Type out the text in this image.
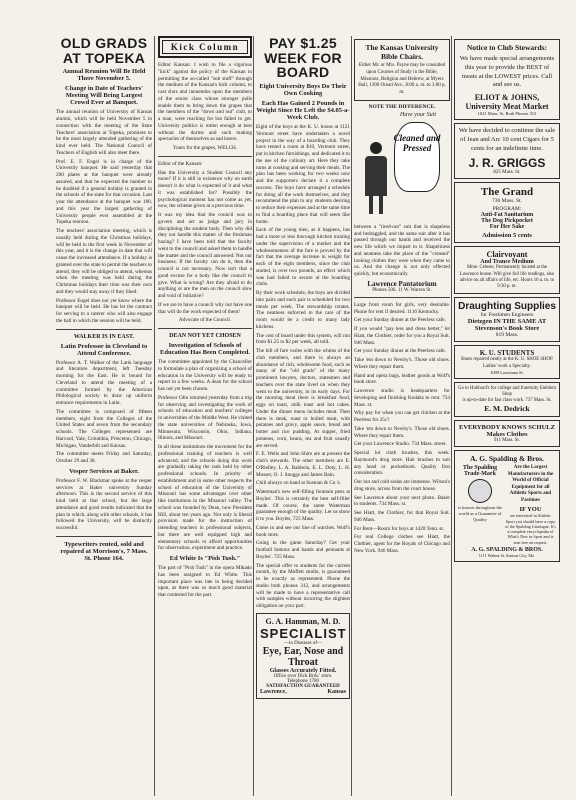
OLD GRADS AT TOPEKA
Annual Reunion Will Be Held There November 5.
Change in Date of Teachers' Meeting Will Bring Largest Crowd Ever at Banquet.

The annual reunion of University of Kansas alumni, which will be held November 5 in connection with the meeting of the State Teachers' association at Topeka, promises to be the most largely attended gathering of the kind ever held. The National Council of Teachers of English will also meet there.

Prof. E. F. Engel is in charge of the University banquet. He said yesterday that 200 plates at the banquet were already assured, and that he expected the number to be doubled if a general holiday is granted in the schools of the state for that occasion. Last year the attendance at the banquet was 180, and this year the largest gathering of University people ever assembled at the Topeka reunion.

The teachers' association meeting, which is usually held during the Christmas holidays, will be held in the first week in November of this year, and it is the change in date that will cause the increased attendance. If a holiday is granted over the state to permit the teachers to attend, they will be obliged to attend, whereas when the meeting was held during the Christmas holidays their time was their own and they would stay away if they liked.

Professor Engel does not yet know where the banquet will be held. He has let the contract for serving to a caterer who will also engage the hall in which the session will be held.

WALKER IS IN EAST.
Latin Professor in Cleveland to Attend Conference.

Professor A. T. Walker of the Latin language and literature department, left Tuesday morning for the East. He is bound for Cleveland to attend the meeting of a committee formed by the American Philological society to draw up uniform entrance requirements in Latin.

The committee is composed of fifteen members, eight from the Colleges of the United States and seven from the secondary schools. The Colleges represented are Harvard, Yale, Columbia, Princeton, Chicago, Michigan, Vanderbilt and Kansas.

The committee meets Friday and Saturday, October 29 and 30.

Vesper Services at Baker.

Professor F. W. Blackmar spoke at the vesper services at Baker university Sunday afternoon. This is the second service of this kind held at that school, but the large attendance and good results indicated that the plan in which, along with other schools, it has followed the University, will be distinctly successful.

Typewriters rented, sold and repaired at Morrison's, 7 Mass. St. Phone 164.
Kick Column

Editor Kansan: I wish to file a vigorous "kick" against the policy of the Kansan in permitting the so-called "sob stuff" through the medium of the Kansan's kick column, to cast slurs and innuendos upon the members of the senior class whose stronger pulls enable them to bring down the grapes that the members of the "down and out" club, to a man, were reaching for but failed to get. University politics is rotten enough at best without the dorms and such making spectacles of themselves as sad losers.

Yours for the grapes, WELCH.

Editor of the Kansan:

Has the University a Student Council any more? If it is still in existence why on earth doesn't it do what is expected of it and what it was established for? Possibly the psychological moment has not come as yet, now, the scheme given at a previous time.

It was my idea that the council was to govern and act as judge and jury in disciplining the student body. Then why did they not handle this matter of the freshman hazing? I have been told that the faculty went to the council and asked them to handle the matter and the council answered: Not our business. If the faculty can do it, then the council is not necessary. Now isn't that a good excuse for a body like the council to give. What is wrong? Are they afraid to do anything or are the men on the council slow and void of initiative?

If we are to have a council why not have one that will do the work expected of them!

Advocate of the Council.

DEAN NOT YET CHOSEN
Investigation of Schools of Education Has Been Completed.

The committee appointed by the Chancellor to formulate a plan of organizing a school of education in the University will be ready to report in a few weeks. A dean for the school has not yet been chosen.

Professor Olin returned yesterday from a trip for observing and investigating the work of schools of education and teachers' colleges in universities of the Middle West. He visited the state universities of Nebraska, Iowa, Minnesota, Wisconsin, Ohio, Indiana, Illinois, and Missouri.

In all these institutions the movement for the professional training of teachers is well advanced, and the schools doing this work are gradually taking the rank held by other professional schools. In priority of establishment and in some other respects the school of education of the University of Missouri has some advantages over other like institutions in the Missouri valley. The school was founded by Dean, now President Hill, about ten years ago. Not only is liberal provision made for the instruction of intending teachers in professional subjects, but there are well equipped high and elementary schools to afford opportunities for observation, experiment and practice.

Ed White Is "Pish Tush."

The part of "Pish Tush" in the opera Mikado has been assigned to Ed White. This important place was late in being decided upon, as there was so much good material that contested for the part.

PAY $1.25 WEEK FOR BOARD
Eight University Boys Do Their Own Cooking
Each Has Gained 2 Pounds in Weight Since He Left the $4.05-a-Week Club.

Eight of the boys at the K. U. house at 1121 Vermont street have undertaken a novel project in the way of a boarding club. They have rented a room at $10, Vermont street, put in kitchen furnishings, and dedicated it to the use of the culinary art. Here they take turns at cooking and serving their meals. The plan has been working for two weeks now and the supporters declare it a complete success. The boys have arranged a schedule for doing all the work themselves, and they recommend the plan to any students desiring to reduce their expenses and at the same time to find a boarding place that will seem like home.

Each of the young men, as it happens, has had a more or less thorough kitchen training under the supervision of a mother and the wholesomeness of the fare is proved by the fact that the average increase in weight for each of the eight members, since the club started, is over two pounds, an effect which was had failed to secure at the boarding clubs.

By their work schedule, the boys are divided into pairs and each pair is scheduled for two meals per week. The stewardship rotates. The neatness enforced in the care of the room would be a credit to many lady kitchens.

The cost of board under this system, will run from $1.25 to $2 per week, all told.

The bill of fare varies with the whims of the club members, and there is always an abundance of rich, wholesome food, such as many of the "old grads" of the many prominent lawyers, doctors, statesmen and teachers over the state lived on when they went to the university, in its early days. For the morning meal there is breakfast food, eggs on toast, milk toast and hot cakes. Under the dinner menu includes meat. Then there is steak, roast or boiled meat, with potatoes and gravy, apple sauce, bread and butter and rice pudding. At supper, fried potatoes, corn, beans, tea and fruit usually are served.

F. E. Wells and John Shire are at present the club's stewards. The other members are E. O'Rielley, L. A. Baldwin, E. L. Doty, L. H. Mosser, O. J. Snuggs and James Bain.

Chili always on hand at Sosman & Co.'s.

Waterman's new self-filling fountain pens at Boyles'. This is certainly the best self-filler made. Of course, the same Waterman guarantee enough of the quality. Let us show it to you. Boyles, 725 Mass.

Come in and see our line of watches. Wolf's book store.

Going to the game Saturday? Get your football buttons and bands and pennants at Boyles'. 725 Mass.

The special offer to students for the current month, by the Moffett studio, is guaranteed to be exactly as represented. Phone the studio both phones 312, and arrangements will be made to have a representative call with samples without incurring the slightest obligation on your part.

G. A. Hamman, M. D.
SPECIALIST
—in Diseases of—
Eye, Ear, Nose and Throat
Glasses Accurately Fitted.
Office over Dick Bros.' store.
Telephone 1780
SATISFACTION GUARANTEED
Lawrence,	Kansas
The Kansas University Bible Chairs.
Either Mr. or Mrs. Payne may be consulted upon Courses of Study in the Bible, Missions, Religion and Hebrew, at Myers Hall, 1300 Oread Ave., 8:00 a. m. to 3:00 p. m.
NOTE THE DIFFERENCE.
Have your Suit
Cleaned and Pressed

between a "tired-out" suit that is shapeless and bedraggled, and the same suit after it has passed through our hands and received the new life which we impart to it. Shapeliness and neatness take the place of the "creased" looking clothes they were when they came to us. And the change is not only effected quickly, but economically.

Lawrence Pantatorium
Phones 506. 11 W. Warren St.

Large front room for girls, very desirable. Phone for rent if desired. 1116 Kentucky.

Get your Sunday dinner at the Peerless cafe.

If you would "pay less and dress better," let Hiatt, the Clothier, order for you a Royal Suit. 946 Mass.

Get your Sunday dinner at the Peerless cafe.

Take 'em down to Newby's. Those old shoes. Where they repair them.

Hand and opera bags, leather goods at Wolf's book store.

Lawrence studio is headquarters for developing and finishing Kodaks to rent. 734 Mass. st.

Why pay for when you can get chicken at the Peerless for 25c?

Take 'em down to Newby's. Those old shoes. Where they repair them.

Get your Lawrence Studio. 734 Mass. street.

Special lot cloth brushes, this week. Raymond's drug store. Hair brushes to suit any head or pocketbook. Quality first consideration.

Our hot and cold sodas are immense. Wilson's drug store, across from the court house.

See Lawrence about your next photo. Baker to students. 734 Mass. st.

See Hiatt, the Clothier, for that Royal Suit. 946 Mass.

For Rent—Room for boys at 1420 Tenn. st.

For real College clothes see Hiatt, the Clothier, agent for the Royals of Chicago and New York. 946 Mass.

Notice to Club Stewards:
We have made special arrangements this year to provide the BEST of meats at the LOWEST prices. Call and see us.
ELIOT & JOHNS, University Meat Market
1021 Mass. St. Both Phones 313
We have decided to continue the sale of Jean and Arc 10 cent Cigars for 5 cents for an indefinite time.
J. R. GRIGGS
825 Mass. St.
The Grand
736 Mass. St.
PROGRAM:
Anti-Fat Sanitarium
The Dog Pickpocket
For Her Sake
Admission 5 cents
Clairvoyant
And Trance Medium
Mme. Celeste, Permanently located at the Lawrence house. Will give full life readings, also advice on all affairs of life, etc. Hours 10 a. m. to 9:30 p. m.
Draughting Supplies
for Freshmen Engineers
Dietzgen IN THE SAME AT
Stevenson's Book Store
819 Mass.
K. U. STUDENTS
Shoes repaired neatly at the K. U. SHOE SHOP. Ladies' work a Specialty.
1009 Louisiana St.
Go to Hubbard's for college and fraternity Emblem Shop
is up-to-date for fast class work. 737 Mass. St.
E. M. Dedrick
EVERYBODY KNOWS SCHULZ Makes Clothes
911 Mass. St.
A. G. Spalding & Bros.
The Spalding Trade-Mark
is known throughout the world as a Guarantee of Quality
Are the Largest Manufacturers in the World of Official Equipment for all Athletic Sports and Pastimes
IF YOU
are interested in Athletic Sport you should have a copy of the Spalding Catalogue. It's a complete encyclopedia of What's New in Sport and is sent free on request.
A. G. SPALDING & BROS.
1111 Walnut St. Kansas City, Mo.
